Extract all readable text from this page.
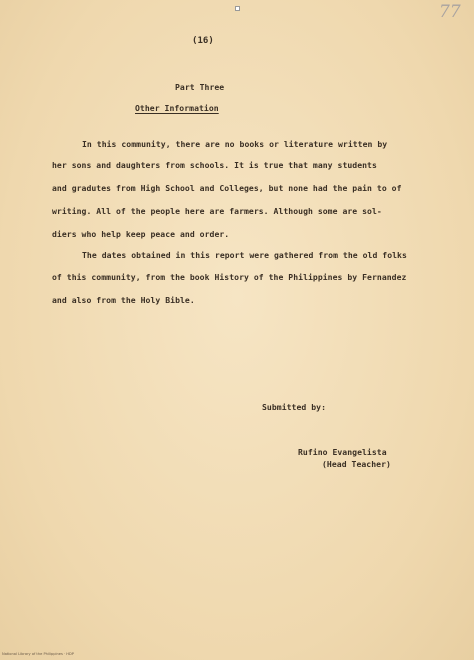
77
(16)
Part Three
Other Information
In this community, there are no books or literature written by
her sons and daughters from schools. It is true that many students
and gradutes from High School and Colleges, but none had the pain to of
writing. All of the people here are farmers. Although some are sol-
diers who help keep peace and order.
The dates obtained in this report were gathered from the old folks
of this community, from the book History of the Philippines by Fernandez
and also from the Holy Bible.
Submitted by:
Rufino Evangelista
(Head Teacher)
National Library of the Philippines · HDP
